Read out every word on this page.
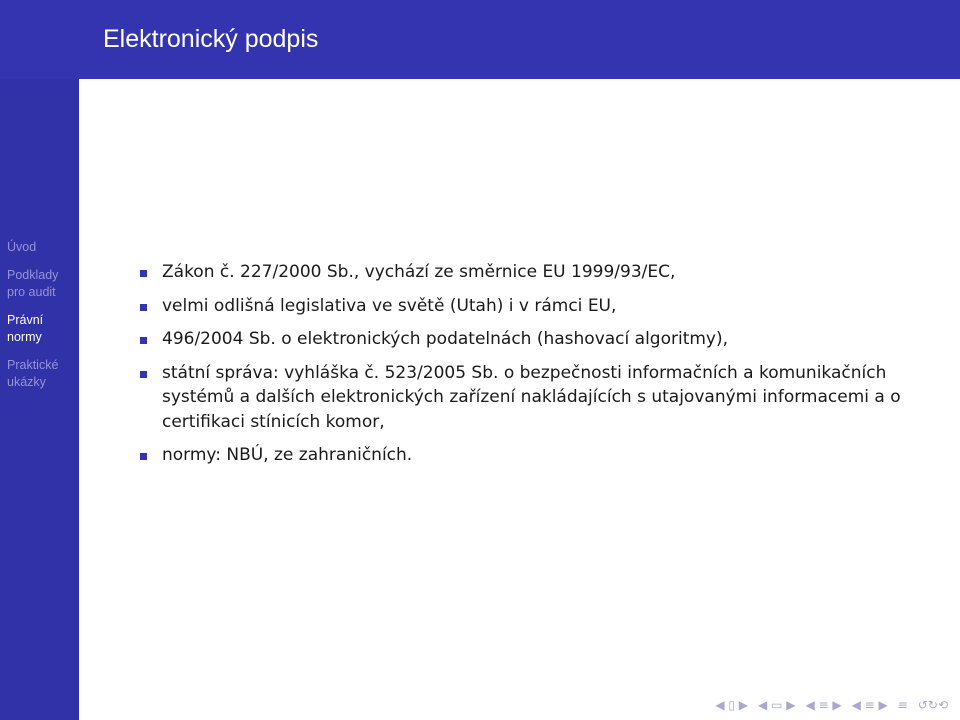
Elektronický podpis
Úvod
Podklady
pro audit
Právní
normy
Praktické
ukázky
Zákon č. 227/2000 Sb., vychází ze směrnice EU 1999/93/EC,
velmi odlišná legislativa ve světě (Utah) i v rámci EU,
496/2004 Sb. o elektronických podatelnách (hashovací algoritmy),
státní správa: vyhláška č. 523/2005 Sb. o bezpečnosti informačních a komunikačních systémů a dalších elektronických zařízení nakládajících s utajovanými informacemi a o certifikaci stínicích komor,
normy: NBÚ, ze zahraničních.
◀ ▯ ▶ ◀ ▭ ▶ ◀ ≡ ▶ ◀ ≡ ▶ ≡ ↺↻⟲
